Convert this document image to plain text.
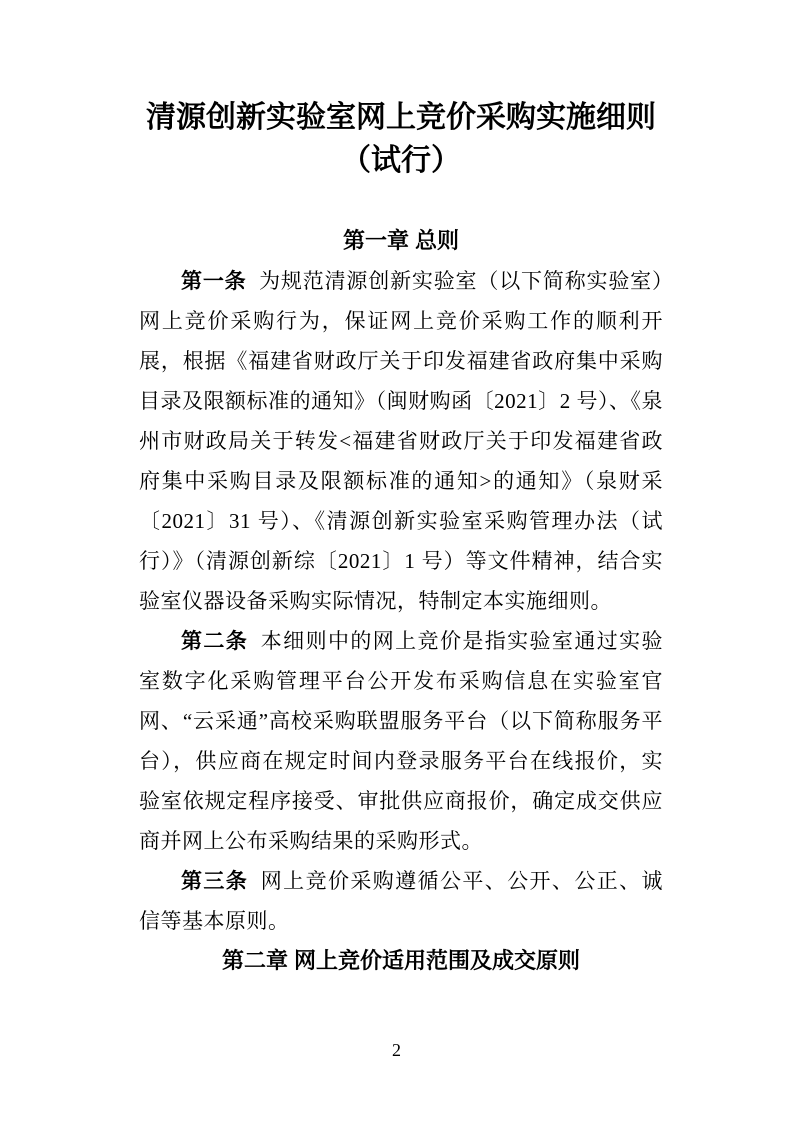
清源创新实验室网上竞价采购实施细则
（试行）
第一章 总则

第一条 为规范清源创新实验室（以下简称实验室）网上竞价采购行为，保证网上竞价采购工作的顺利开展，根据《福建省财政厅关于印发福建省政府集中采购目录及限额标准的通知》（闽财购函〔2021〕2 号）、《泉州市财政局关于转发<福建省财政厅关于印发福建省政府集中采购目录及限额标准的通知>的通知》（泉财采〔2021〕31 号）、《清源创新实验室采购管理办法（试行）》（清源创新综〔2021〕1 号）等文件精神，结合实验室仪器设备采购实际情况，特制定本实施细则。

第二条 本细则中的网上竞价是指实验室通过实验室数字化采购管理平台公开发布采购信息在实验室官网、“云采通”高校采购联盟服务平台（以下简称服务平台），供应商在规定时间内登录服务平台在线报价，实验室依规定程序接受、审批供应商报价，确定成交供应商并网上公布采购结果的采购形式。

第三条 网上竞价采购遵循公平、公开、公正、诚信等基本原则。

第二章 网上竞价适用范围及成交原则
2
